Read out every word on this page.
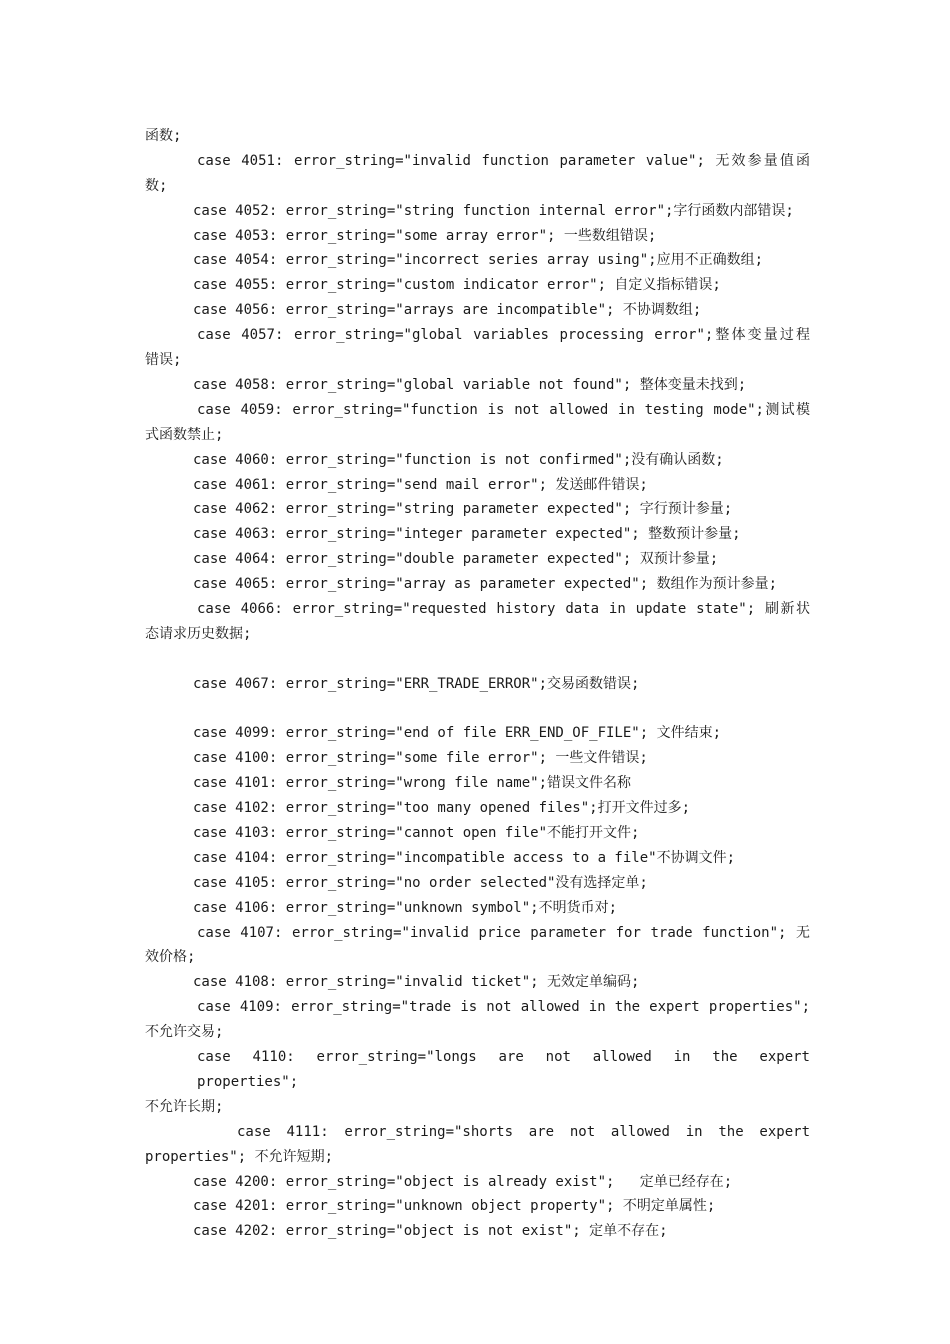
函数;
case 4051: error_string="invalid function parameter value"; 无效参量值函
数;
case 4052: error_string="string function internal error";字行函数内部错误;
case 4053: error_string="some array error"; 一些数组错误;
case 4054: error_string="incorrect series array using";应用不正确数组;
case 4055: error_string="custom indicator error"; 自定义指标错误;
case 4056: error_string="arrays are incompatible"; 不协调数组;
case 4057: error_string="global variables processing error";整体变量过程
错误;
case 4058: error_string="global variable not found"; 整体变量未找到;
case 4059: error_string="function is not allowed in testing mode";测试模
式函数禁止;
case 4060: error_string="function is not confirmed";没有确认函数;
case 4061: error_string="send mail error"; 发送邮件错误;
case 4062: error_string="string parameter expected"; 字行预计参量;
case 4063: error_string="integer parameter expected"; 整数预计参量;
case 4064: error_string="double parameter expected"; 双预计参量;
case 4065: error_string="array as parameter expected"; 数组作为预计参量;
case 4066: error_string="requested history data in update state"; 刷新状
态请求历史数据;
case 4067: error_string="ERR_TRADE_ERROR";交易函数错误;
case 4099: error_string="end of file ERR_END_OF_FILE"; 文件结束;
case 4100: error_string="some file error"; 一些文件错误;
case 4101: error_string="wrong file name";错误文件名称
case 4102: error_string="too many opened files";打开文件过多;
case 4103: error_string="cannot open file"不能打开文件;
case 4104: error_string="incompatible access to a file"不协调文件;
case 4105: error_string="no order selected"没有选择定单;
case 4106: error_string="unknown symbol";不明货币对;
case 4107: error_string="invalid price parameter for trade function"; 无
效价格;
case 4108: error_string="invalid ticket"; 无效定单编码;
case 4109: error_string="trade is not allowed in the expert properties";
不允许交易;
case 4110: error_string="longs are not allowed in the expert properties";
不允许长期;
case 4111: error_string="shorts are not allowed in the expert
properties"; 不允许短期;
case 4200: error_string="object is already exist";   定单已经存在;
case 4201: error_string="unknown object property"; 不明定单属性;
case 4202: error_string="object is not exist"; 定单不存在;
